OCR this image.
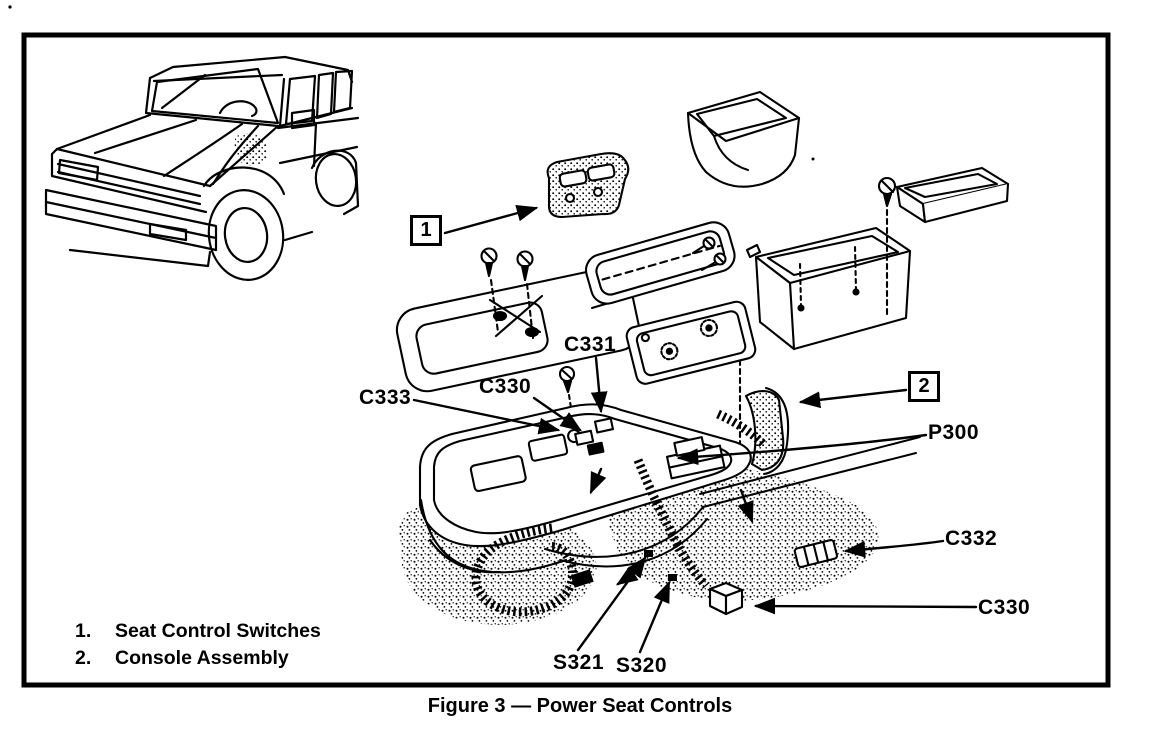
1
2
C331
C330
C333
P300
C332
C330
S321 S320
1.	Seat Control Switches
2.	Console Assembly
Figure 3 — Power Seat Controls
